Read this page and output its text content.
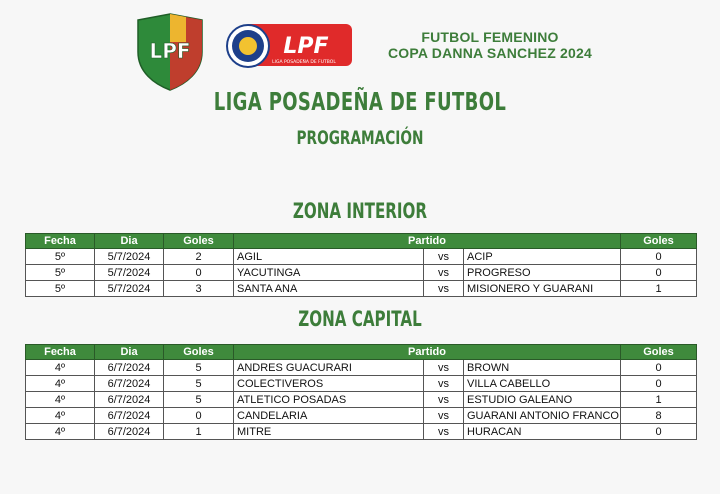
LPF	LPF
LIGA POSADEÑA DE FUTBOL
FUTBOL FEMENINO
COPA DANNA SANCHEZ 2024
LIGA POSADEÑA DE FUTBOL
PROGRAMACIÓN
ZONA INTERIOR
Fecha	Dia	Goles	Partido			Goles
5º	5/7/2024	2	AGIL	vs	ACIP	0
5º	5/7/2024	0	YACUTINGA	vs	PROGRESO	0
5º	5/7/2024	3	SANTA ANA	vs	MISIONERO Y GUARANI	1
ZONA CAPITAL
Fecha	Dia	Goles	Partido			Goles
4º	6/7/2024	5	ANDRES GUACURARI	vs	BROWN	0
4º	6/7/2024	5	COLECTIVEROS	vs	VILLA CABELLO	0
4º	6/7/2024	5	ATLETICO POSADAS	vs	ESTUDIO GALEANO	1
4º	6/7/2024	0	CANDELARIA	vs	GUARANI ANTONIO FRANCO	8
4º	6/7/2024	1	MITRE	vs	HURACAN	0
